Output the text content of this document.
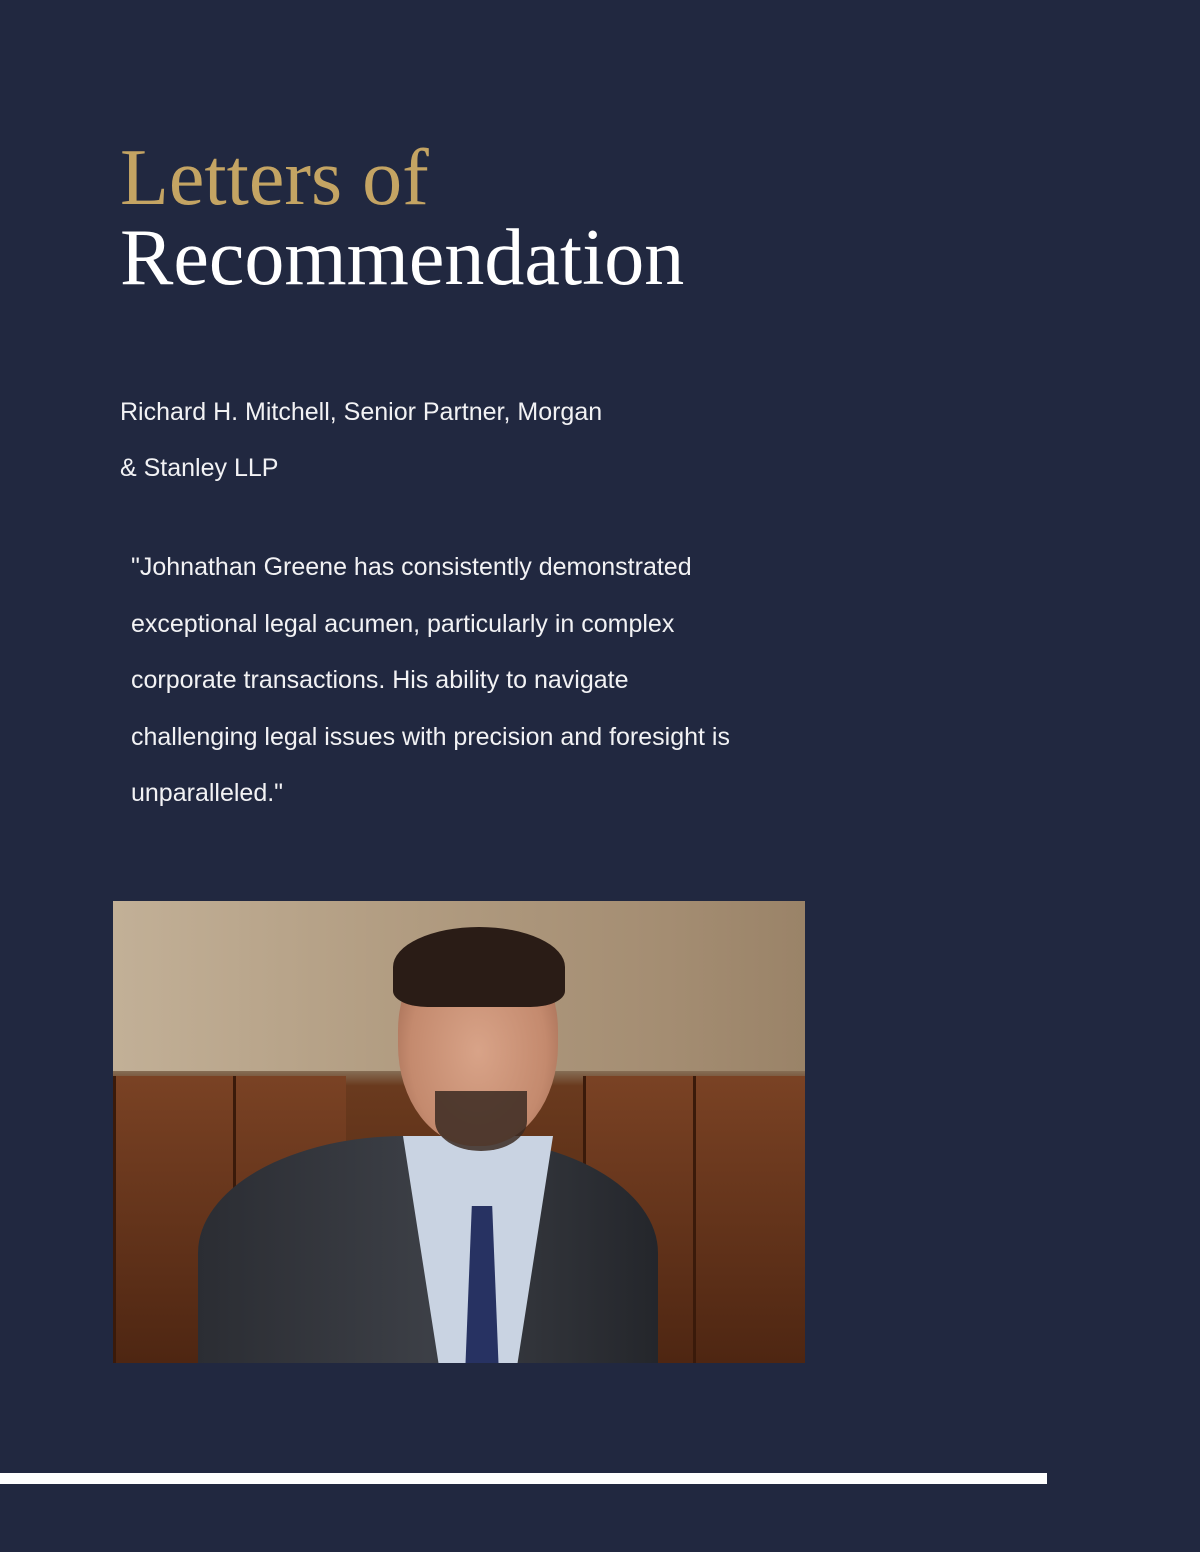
Letters of
Recommendation
Richard H. Mitchell, Senior Partner, Morgan
& Stanley LLP
"Johnathan Greene has consistently demonstrated
exceptional legal acumen, particularly in complex
corporate transactions. His ability to navigate
challenging legal issues with precision and foresight is
unparalleled."
